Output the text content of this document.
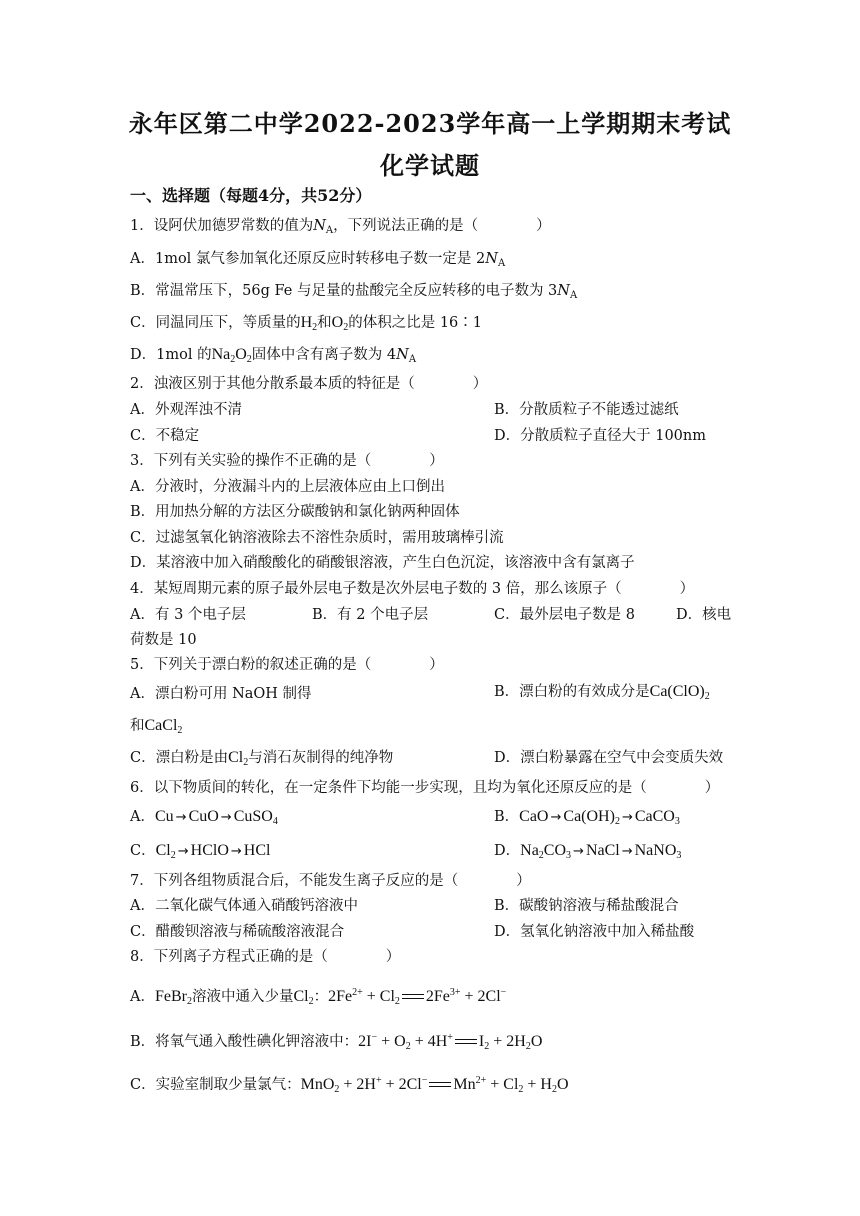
永年区第二中学2022-2023学年高一上学期期末考试
化学试题
一、选择题（每题4分，共52分）
1．设阿伏加德罗常数的值为$N_A$，下列说法正确的是（　　　　）
A．1mol 氯气参加氧化还原反应时转移电子数一定是 $2N_A$
B．常温常压下，56g Fe 与足量的盐酸完全反应转移的电子数为 $3N_A$
C．同温同压下，等质量的$H_2$和$O_2$的体积之比是 16∶1
D．1mol 的$Na_2O_2$固体中含有离子数为 $4N_A$
2．浊液区别于其他分散系最本质的特征是（　　　　）
A．外观浑浊不清	B．分散质粒子不能透过滤纸
C．不稳定	D．分散质粒子直径大于 100nm
3．下列有关实验的操作不正确的是（　　　　）
A．分液时，分液漏斗内的上层液体应由上口倒出
B．用加热分解的方法区分碳酸钠和氯化钠两种固体
C．过滤氢氧化钠溶液除去不溶性杂质时，需用玻璃棒引流
D．某溶液中加入硝酸酸化的硝酸银溶液，产生白色沉淀，该溶液中含有氯离子
4．某短周期元素的原子最外层电子数是次外层电子数的 3 倍，那么该原子（　　　　）
A．有 3 个电子层	B．有 2 个电子层	C．最外层电子数是 8	D．核电
荷数是 10
5．下列关于漂白粉的叙述正确的是（　　　　）
A．漂白粉可用 NaOH 制得	B．漂白粉的有效成分是$Ca(ClO)_2$
和CaCl$_2$
C．漂白粉是由$Cl_2$与消石灰制得的纯净物	D．漂白粉暴露在空气中会变质失效
6．以下物质间的转化，在一定条件下均能一步实现，且均为氧化还原反应的是（　　　　）
A．Cu → CuO → CuSO$_4$	B．CaO → $Ca(OH)_2$ → CaCO$_3$
C．$Cl_2$ → HClO → HCl	D．$Na_2CO_3$ → NaCl → NaNO$_3$
7．下列各组物质混合后，不能发生离子反应的是（　　　　）
A．二氧化碳气体通入硝酸钙溶液中	B．碳酸钠溶液与稀盐酸混合
C．醋酸钡溶液与稀硫酸溶液混合	D．氢氧化钠溶液中加入稀盐酸
8．下列离子方程式正确的是（　　　　）
A．FeBr$_2$溶液中通入少量$Cl_2$：$2Fe^{2+} + Cl_2$ $2Fe^{3+} + 2Cl^-$
B．将氧气通入酸性碘化钾溶液中：$2I^- + O_2 + 4H^+$ $I_2 + 2H_2O$
C．实验室制取少量氯气：MnO$_2$ + 2H+ + 2Cl− $Mn^{2+} + Cl_2 + H_2O$
